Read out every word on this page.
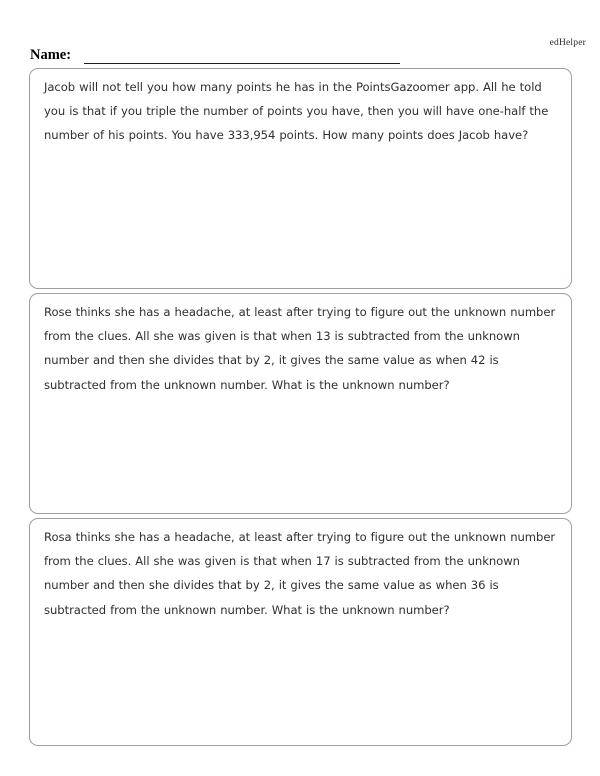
edHelper
Name:
Jacob will not tell you how many points he has in the PointsGazoomer app. All he told you is that if you triple the number of points you have, then you will have one-half the number of his points. You have 333,954 points. How many points does Jacob have?
Rose thinks she has a headache, at least after trying to figure out the unknown number from the clues. All she was given is that when 13 is subtracted from the unknown number and then she divides that by 2, it gives the same value as when 42 is subtracted from the unknown number. What is the unknown number?
Rosa thinks she has a headache, at least after trying to figure out the unknown number from the clues. All she was given is that when 17 is subtracted from the unknown number and then she divides that by 2, it gives the same value as when 36 is subtracted from the unknown number. What is the unknown number?
